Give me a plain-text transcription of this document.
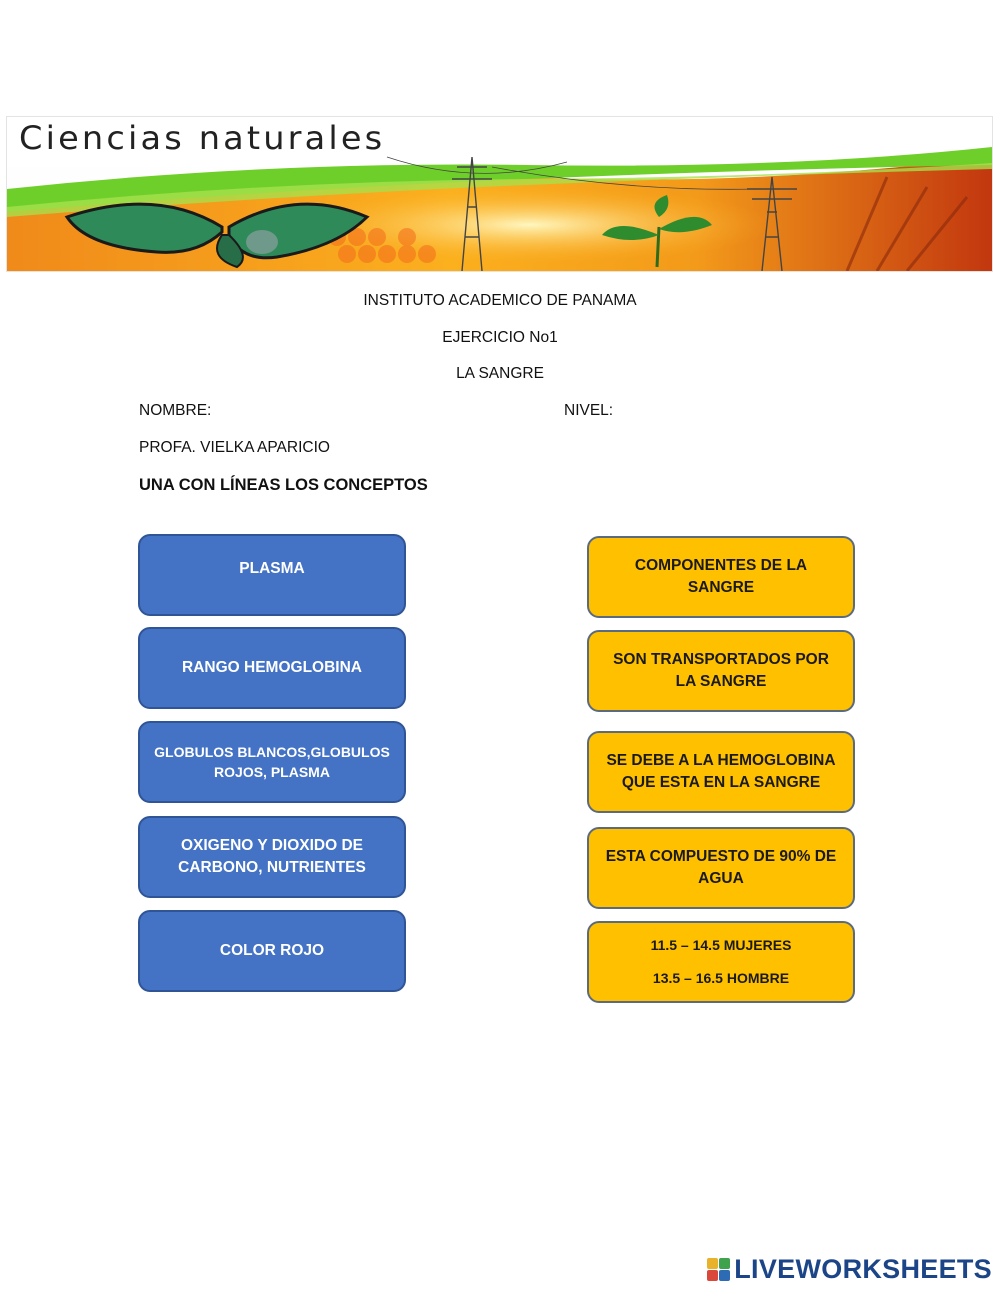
Ciencias naturales
INSTITUTO ACADEMICO DE PANAMA
EJERCICIO No1
LA SANGRE
NOMBRE:	NIVEL:
PROFA. VIELKA APARICIO
UNA CON LÍNEAS LOS CONCEPTOS
PLASMA
RANGO HEMOGLOBINA
GLOBULOS BLANCOS,GLOBULOS ROJOS, PLASMA
OXIGENO Y DIOXIDO DE CARBONO, NUTRIENTES
COLOR ROJO
COMPONENTES DE LA SANGRE
SON TRANSPORTADOS POR LA SANGRE
SE DEBE A LA HEMOGLOBINA QUE ESTA EN LA SANGRE
ESTA COMPUESTO DE 90% DE AGUA
11.5 – 14.5 MUJERES
13.5 – 16.5 HOMBRE
LIVEWORKSHEETS
